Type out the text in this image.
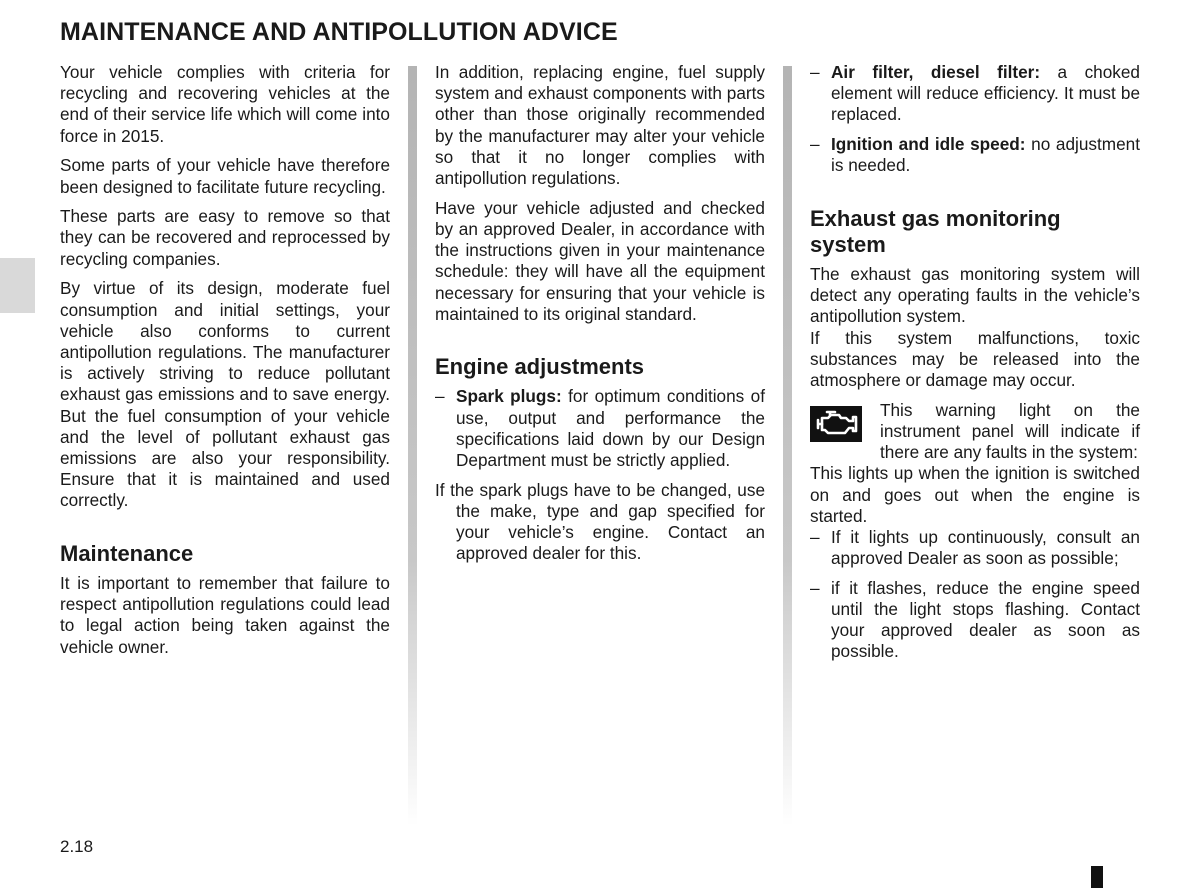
MAINTENANCE AND ANTIPOLLUTION ADVICE

Your vehicle complies with criteria for recycling and recovering vehicles at the end of their service life which will come into force in 2015.

Some parts of your vehicle have therefore been designed to facilitate future recycling.

These parts are easy to remove so that they can be recovered and reprocessed by recycling companies.

By virtue of its design, moderate fuel consumption and initial settings, your vehicle also conforms to current antipollution regulations. The manufacturer is actively striving to reduce pollutant exhaust gas emissions and to save energy. But the fuel consumption of your vehicle and the level of pollutant exhaust gas emissions are also your responsibility. Ensure that it is maintained and used correctly.

Maintenance

It is important to remember that failure to respect antipollution regulations could lead to legal action being taken against the vehicle owner.

In addition, replacing engine, fuel supply system and exhaust components with parts other than those originally recommended by the manufacturer may alter your vehicle so that it no longer complies with antipollution regulations.

Have your vehicle adjusted and checked by an approved Dealer, in accordance with the instructions given in your maintenance schedule: they will have all the equipment necessary for ensuring that your vehicle is maintained to its original standard.

Engine adjustments

– Spark plugs: for optimum conditions of use, output and performance the specifications laid down by our Design Department must be strictly applied.

If the spark plugs have to be changed, use the make, type and gap specified for your vehicle’s engine. Contact an approved dealer for this.

– Air filter, diesel filter: a choked element will reduce efficiency. It must be replaced.

– Ignition and idle speed: no adjustment is needed.

Exhaust gas monitoring system

The exhaust gas monitoring system will detect any operating faults in the vehicle’s antipollution system.

If this system malfunctions, toxic substances may be released into the atmosphere or damage may occur.

This warning light on the instrument panel will indicate if there are any faults in the system:

This lights up when the ignition is switched on and goes out when the engine is started.

– If it lights up continuously, consult an approved Dealer as soon as possible;

– if it flashes, reduce the engine speed until the light stops flashing. Contact your approved dealer as soon as possible.

2.18
